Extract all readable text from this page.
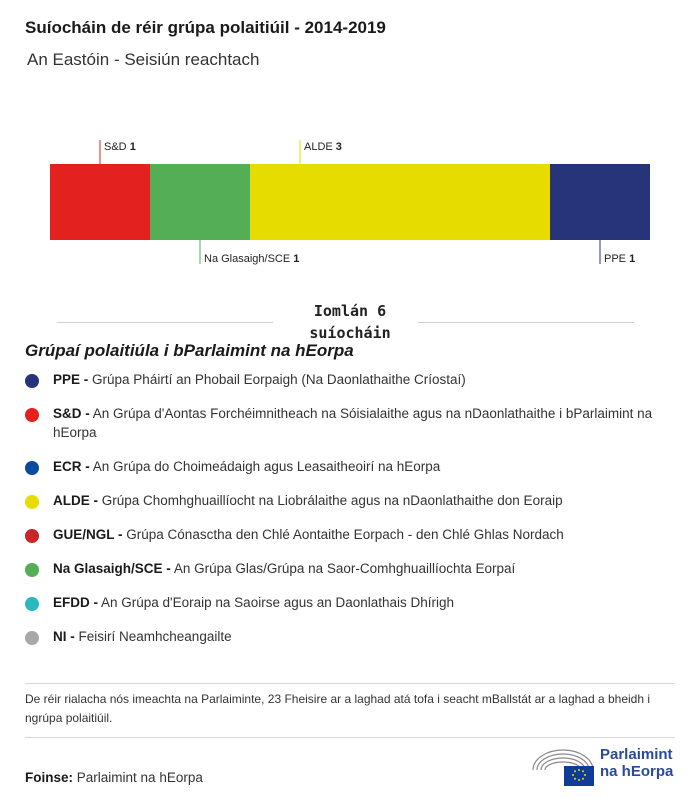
Suíocháin de réir grúpa polaitiúil - 2014-2019

An Eastóin - Seisiún reachtach

S&D 1
Na Glasaigh/SCE 1
ALDE 3
PPE 1
Iomlán 6
suíocháin
Grúpaí polaitiúla i bParlaimint na hEorpa
PPE - Grúpa Pháirtí an Phobail Eorpaigh (Na Daonlathaithe Críostaí)
S&D - An Grúpa d'Aontas Forchéimnitheach na Sóisialaithe agus na nDaonlathaithe i bParlaimint na hEorpa
ECR - An Grúpa do Choimeádaigh agus Leasaitheoirí na hEorpa
ALDE - Grúpa Chomhghuaillíocht na Liobrálaithe agus na nDaonlathaithe don Eoraip
GUE/NGL - Grúpa Cónasctha den Chlé Aontaithe Eorpach - den Chlé Ghlas Nordach
Na Glasaigh/SCE - An Grúpa Glas/Grúpa na Saor-Comhghuaillíochta Eorpaí
EFDD - An Grúpa d'Eoraip na Saoirse agus an Daonlathais Dhírigh
NI - Feisirí Neamhcheangailte
De réir rialacha nós imeachta na Parlaiminte, 23 Fheisire ar a laghad atá tofa i seacht mBallstát ar a laghad a bheidh i ngrúpa polaitiúil.
Foinse: Parlaimint na hEorpa
Parlaimint
na hEorpa
